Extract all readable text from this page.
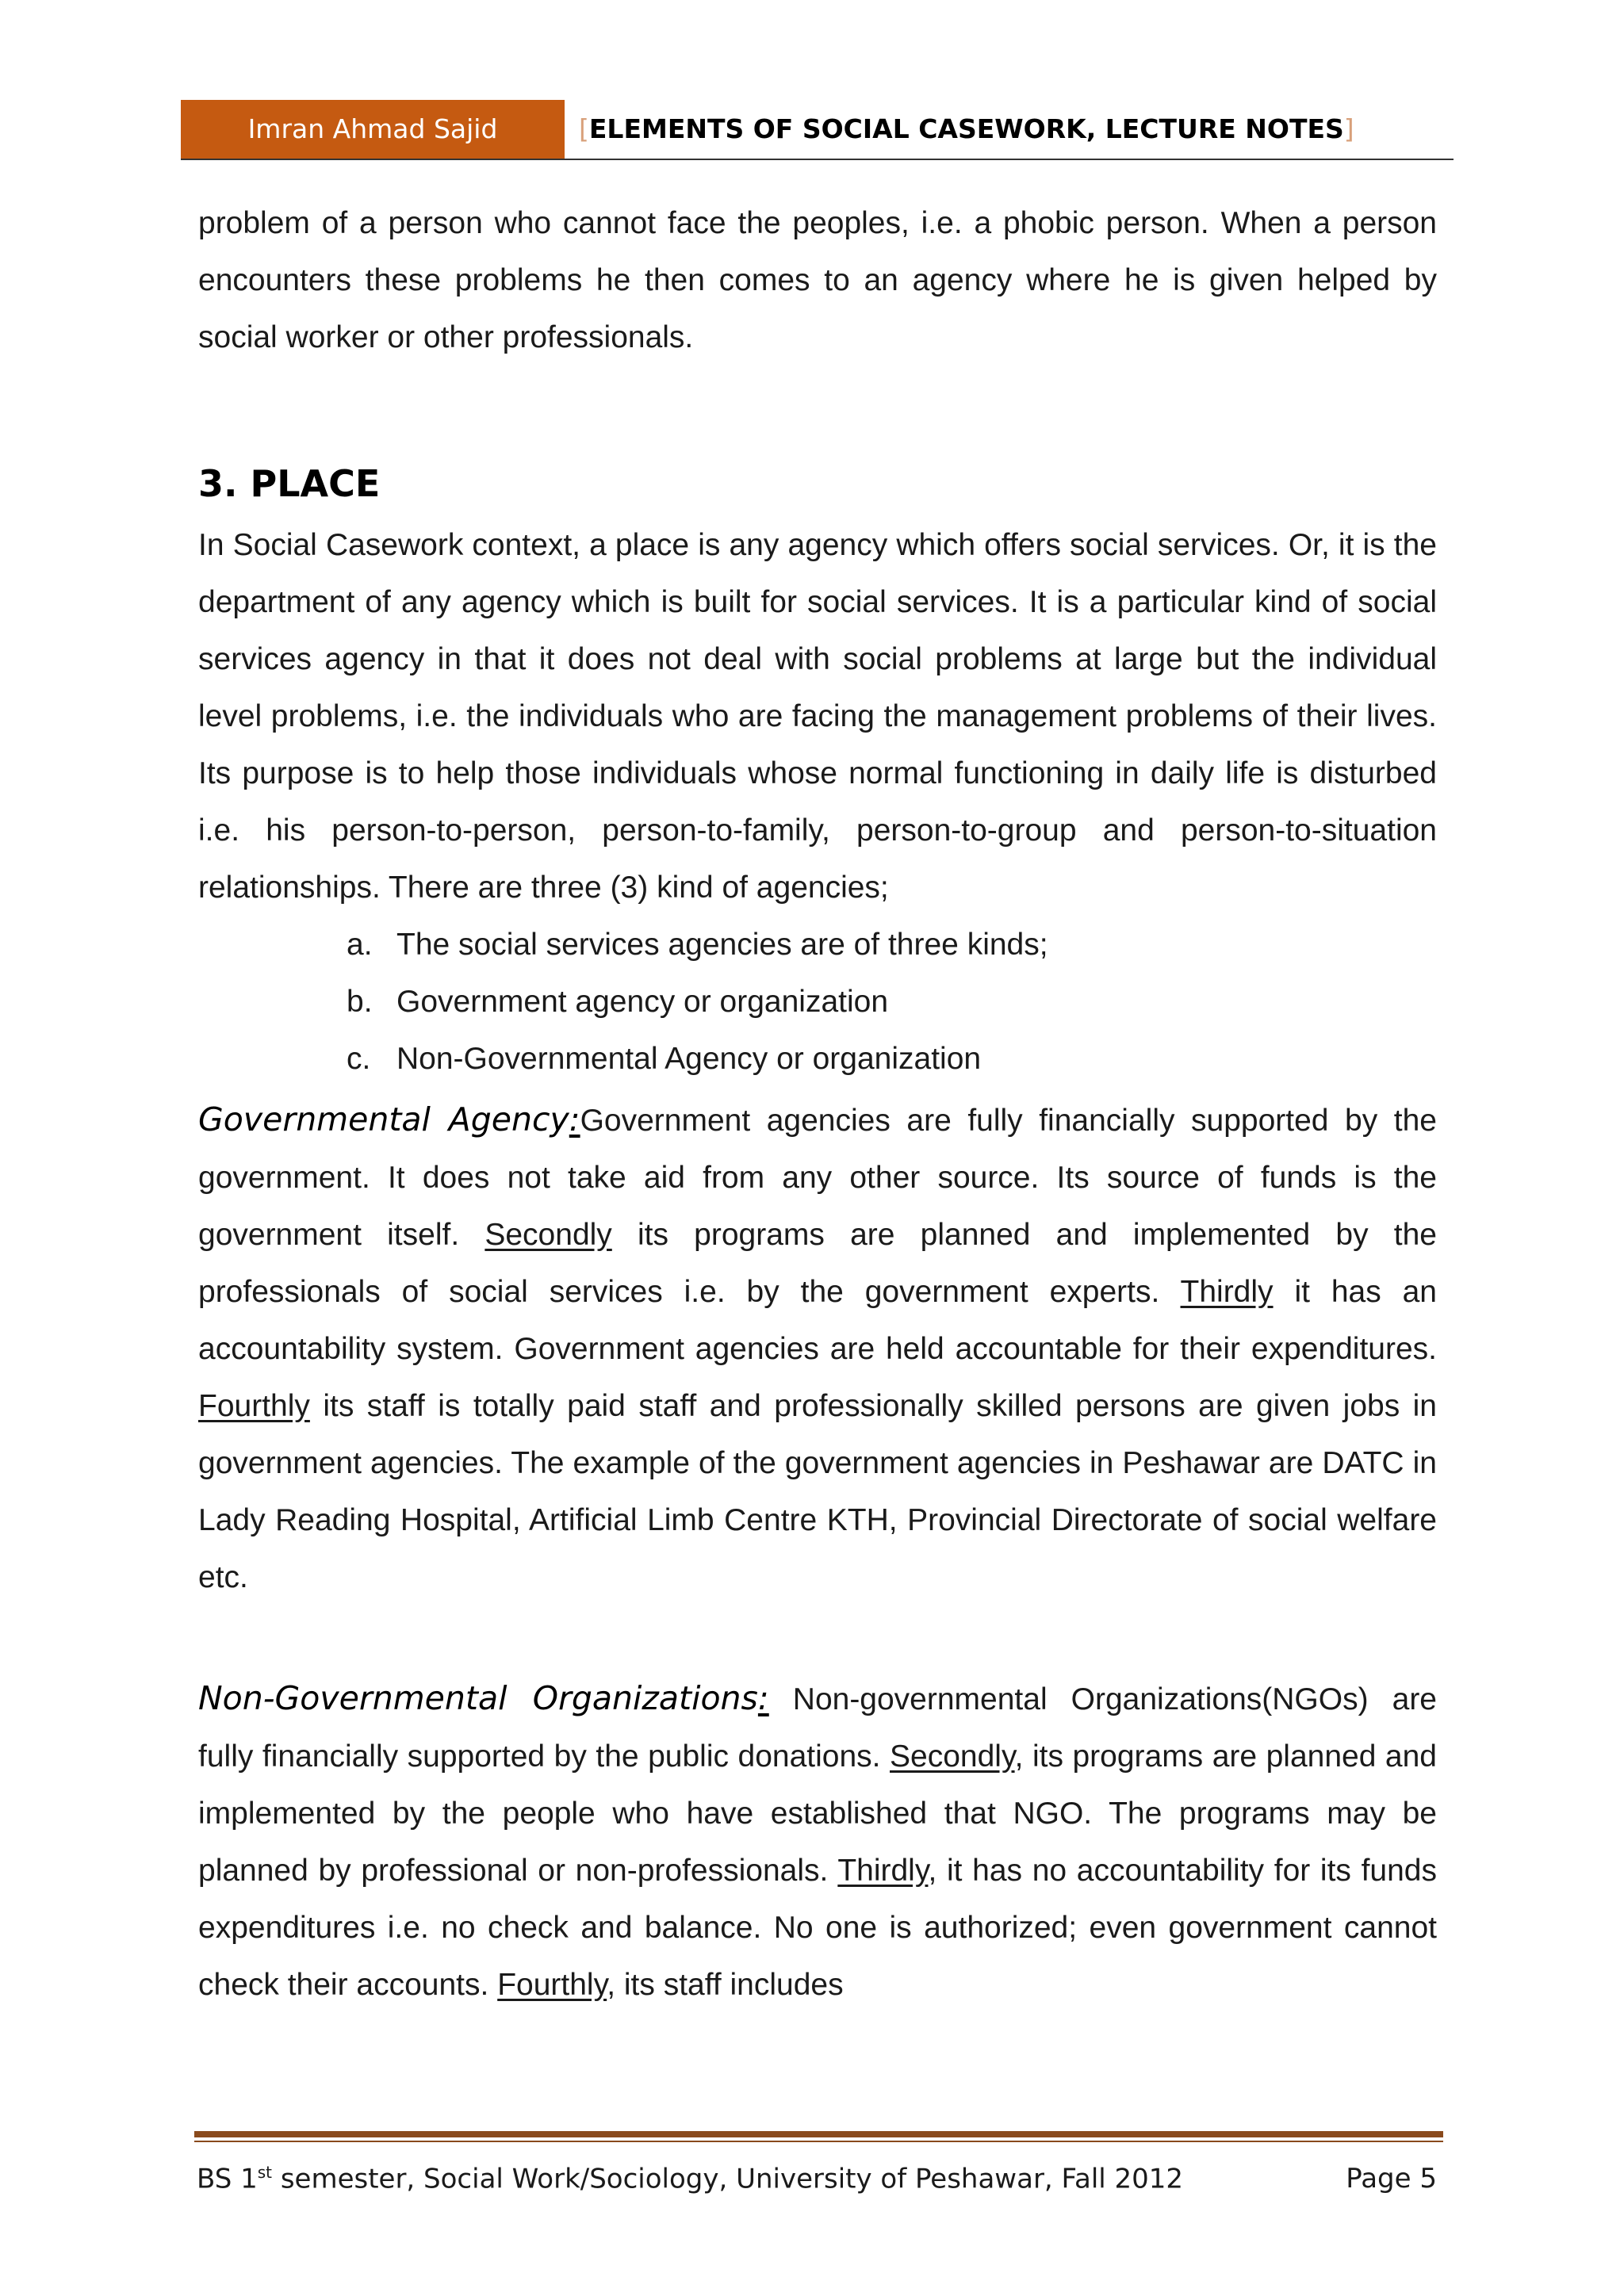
Imran Ahmad Sajid	[ELEMENTS OF SOCIAL CASEWORK, LECTURE NOTES]

problem of a person who cannot face the peoples, i.e. a phobic person. When a person encounters these problems he then comes to an agency where he is given helped by social worker or other professionals.

3. PLACE

In Social Casework context, a place is any agency which offers social services. Or, it is the department of any agency which is built for social services. It is a particular kind of social services agency in that it does not deal with social problems at large but the individual level problems, i.e. the individuals who are facing the management problems of their lives. Its purpose is to help those individuals whose normal functioning in daily life is disturbed i.e. his person-to-person, person-to-family, person-to-group and person-to-situation relationships. There are three (3) kind of agencies;

a. The social services agencies are of three kinds;
b. Government agency or organization
c. Non-Governmental Agency or organization

Governmental Agency:Government agencies are fully financially supported by the government. It does not take aid from any other source. Its source of funds is the government itself. Secondly its programs are planned and implemented by the professionals of social services i.e. by the government experts. Thirdly it has an accountability system. Government agencies are held accountable for their expenditures. Fourthly its staff is totally paid staff and professionally skilled persons are given jobs in government agencies. The example of the government agencies in Peshawar are DATC in Lady Reading Hospital, Artificial Limb Centre KTH, Provincial Directorate of social welfare etc.

Non-Governmental Organizations: Non-governmental Organizations(NGOs) are fully financially supported by the public donations. Secondly, its programs are planned and implemented by the people who have established that NGO. The programs may be planned by professional or non-professionals. Thirdly, it has no accountability for its funds expenditures i.e. no check and balance. No one is authorized; even government cannot check their accounts. Fourthly, its staff includes

BS 1st semester, Social Work/Sociology, University of Peshawar, Fall 2012	Page 5
